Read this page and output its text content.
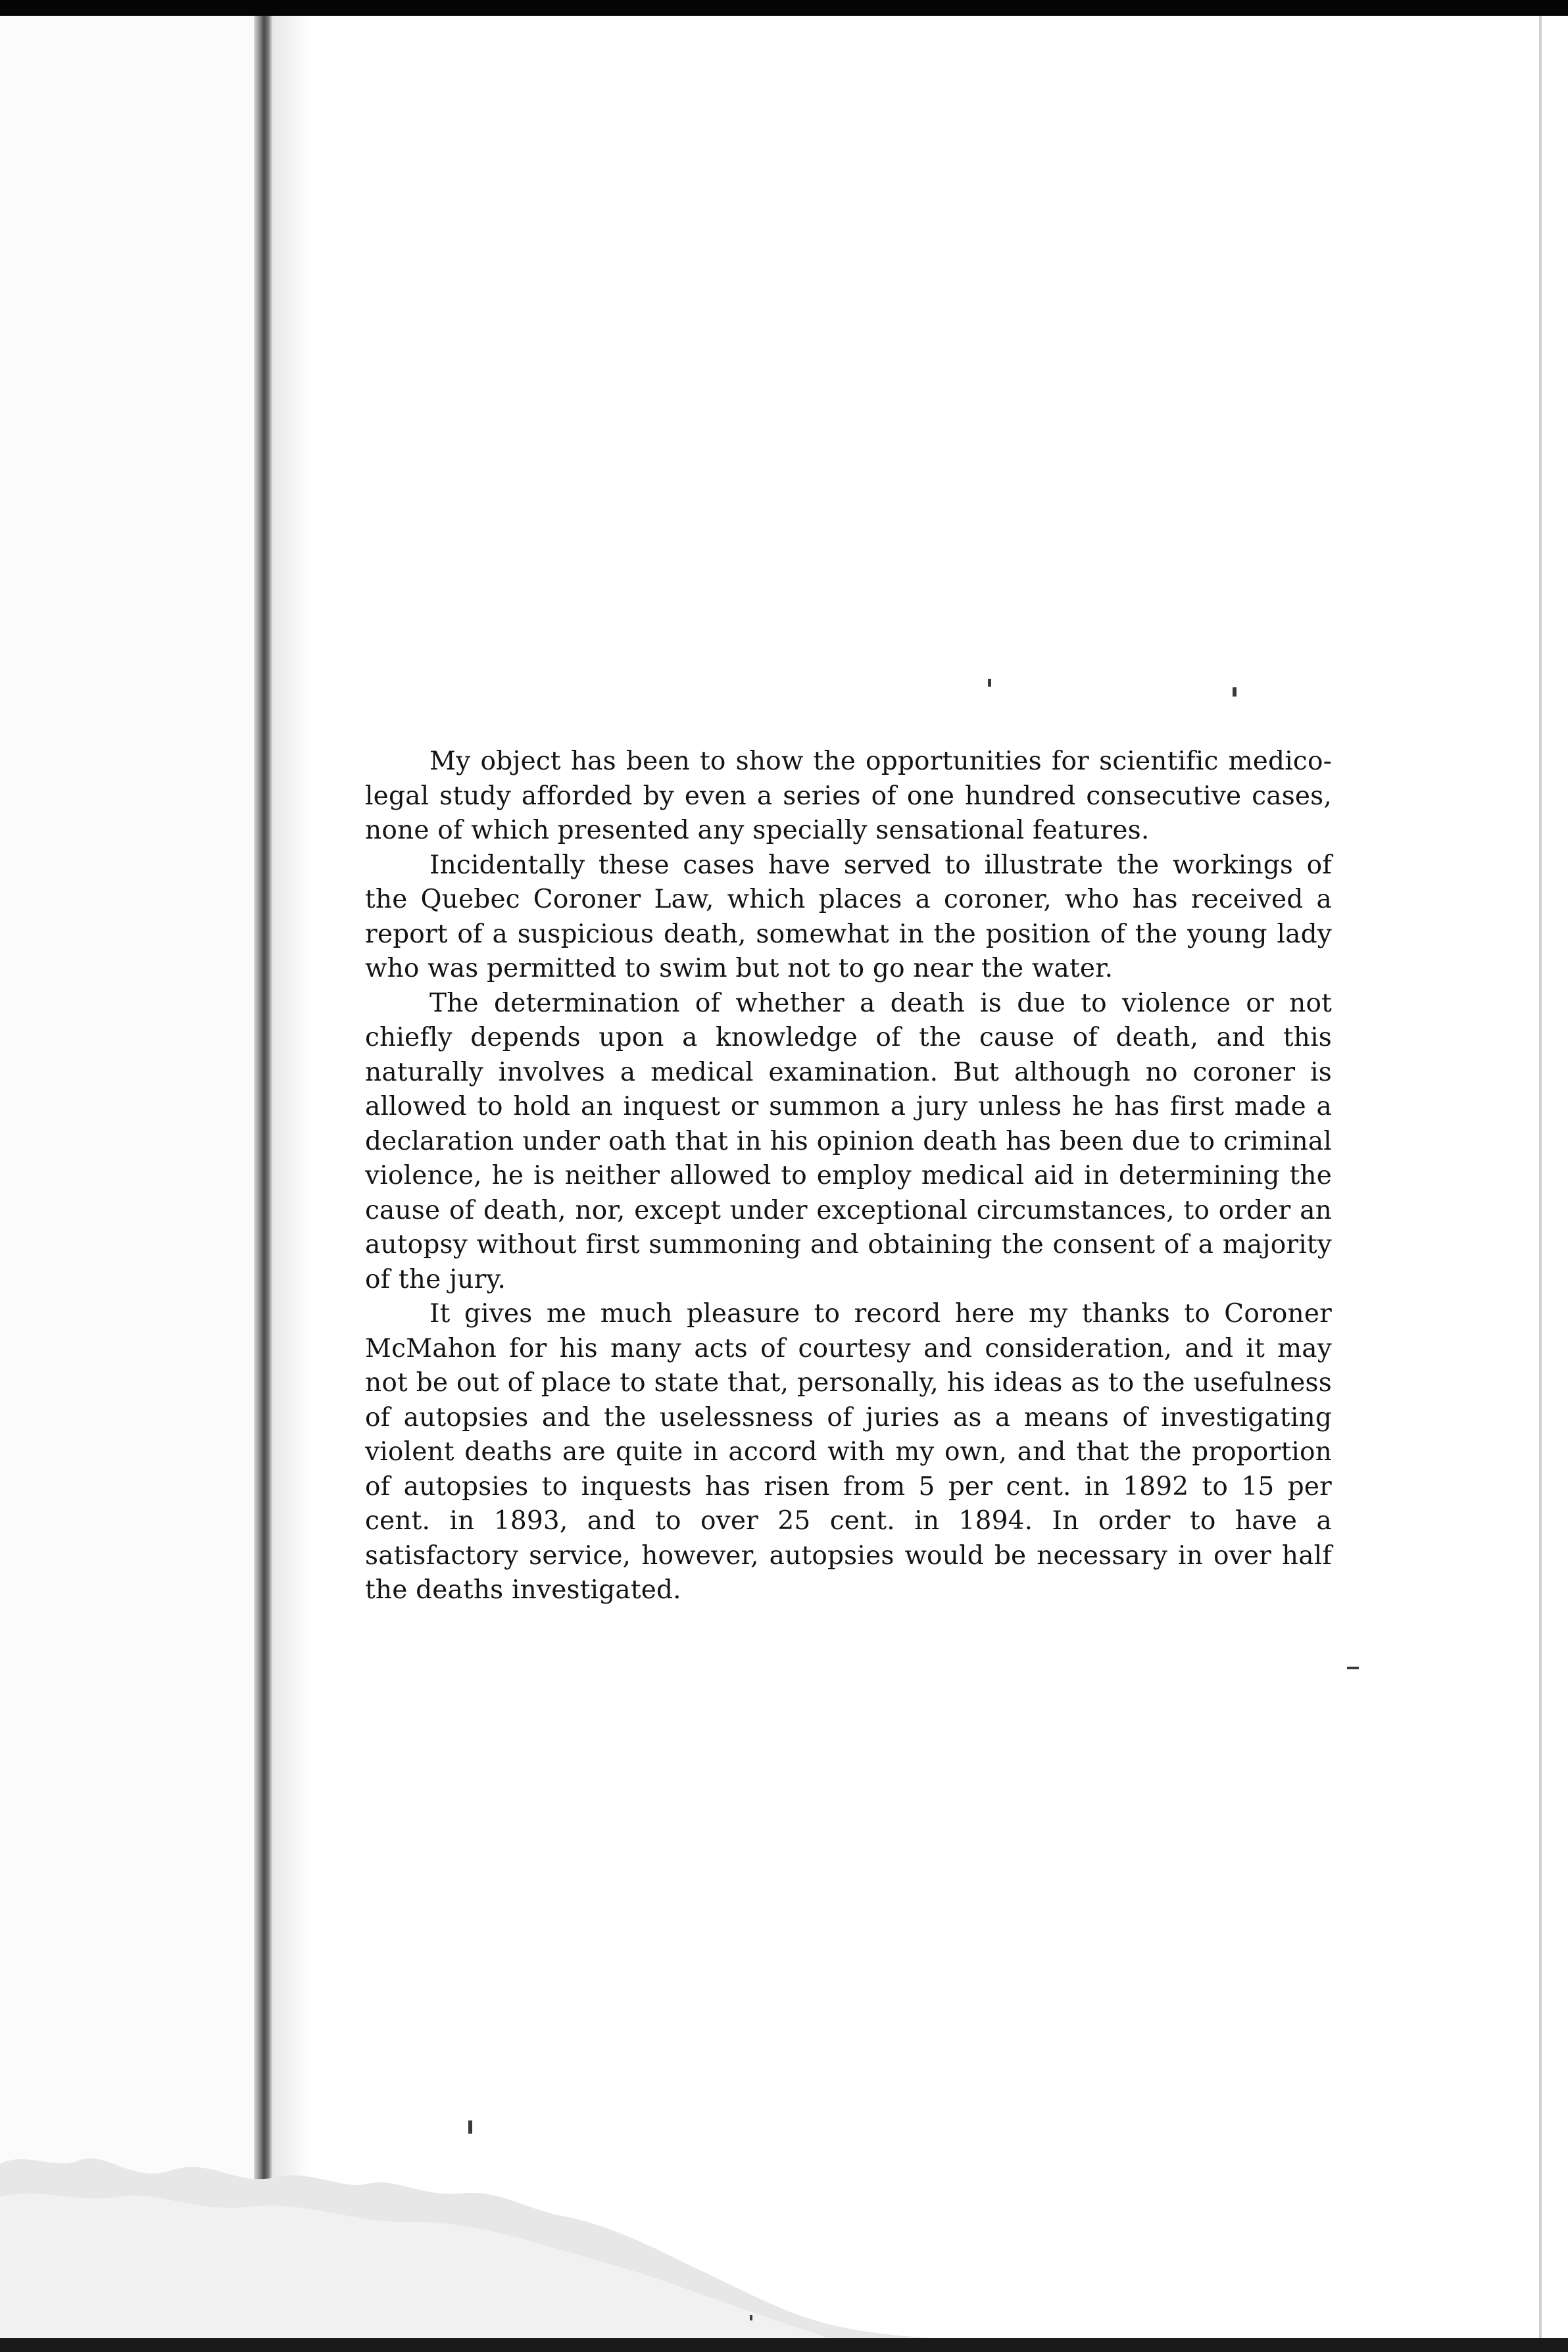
My object has been to show the opportunities for scientific medico-legal study afforded by even a series of one hundred consecutive cases, none of which presented any specially sensational features.

Incidentally these cases have served to illustrate the workings of the Quebec Coroner Law, which places a coroner, who has received a report of a suspicious death, somewhat in the position of the young lady who was permitted to swim but not to go near the water.

The determination of whether a death is due to violence or not chiefly depends upon a knowledge of the cause of death, and this naturally involves a medical examination. But although no coroner is allowed to hold an inquest or summon a jury unless he has first made a declaration under oath that in his opinion death has been due to criminal violence, he is neither allowed to employ medical aid in determining the cause of death, nor, except under exceptional circumstances, to order an autopsy without first summoning and obtaining the consent of a majority of the jury.

It gives me much pleasure to record here my thanks to Coroner McMahon for his many acts of courtesy and consideration, and it may not be out of place to state that, personally, his ideas as to the usefulness of autopsies and the uselessness of juries as a means of investigating violent deaths are quite in accord with my own, and that the proportion of autopsies to inquests has risen from 5 per cent. in 1892 to 15 per cent. in 1893, and to over 25 cent. in 1894. In order to have a satisfactory service, however, autopsies would be necessary in over half the deaths investigated.
